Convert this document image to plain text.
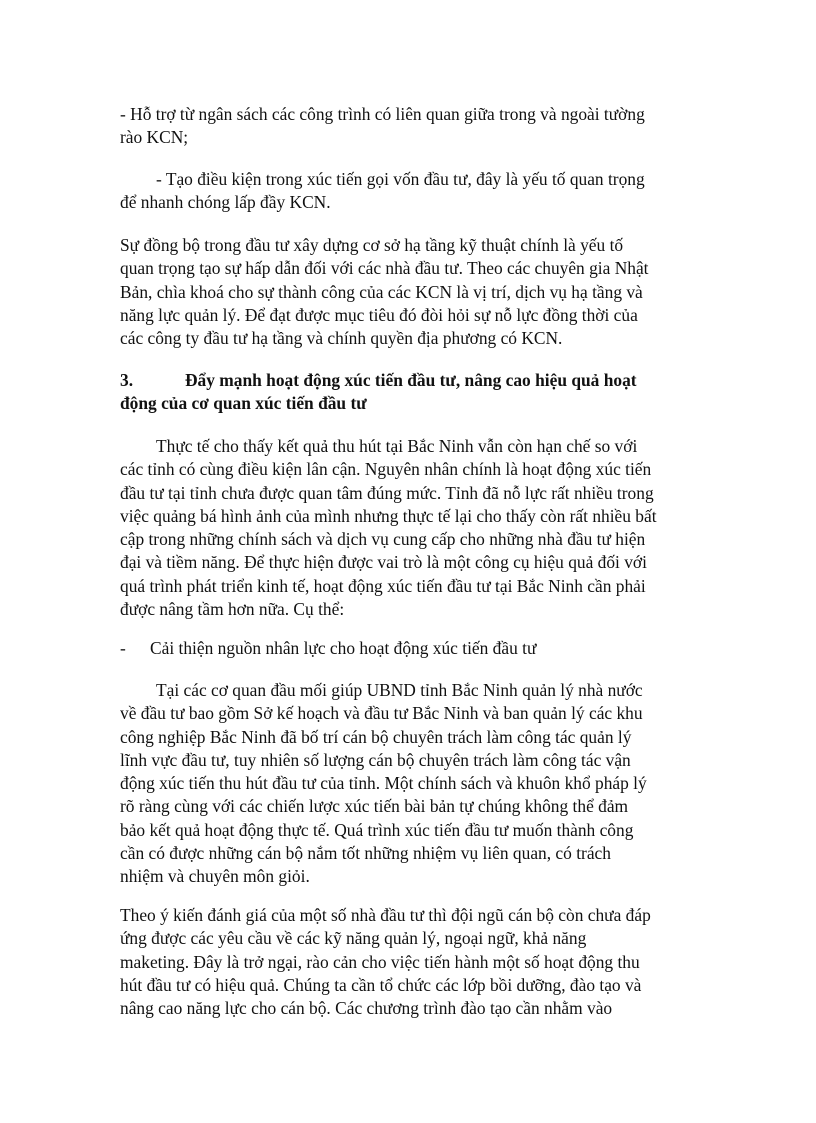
- Hỗ trợ từ ngân sách các công trình có liên quan giữa trong và ngoài tường
rào KCN;
- Tạo điều kiện trong xúc tiến gọi vốn đầu tư, đây là yếu tố quan trọng
để nhanh chóng lấp đầy KCN.
Sự đồng bộ trong đầu tư xây dựng cơ sở hạ tầng kỹ thuật chính là yếu tố
quan trọng tạo sự hấp dẫn đối với các nhà đầu tư. Theo các chuyên gia Nhật
Bản, chìa khoá cho sự thành công của các KCN là vị trí, dịch vụ hạ tầng và
năng lực quản lý. Để đạt được mục tiêu đó đòi hỏi sự nỗ lực đồng thời của
các công ty đầu tư hạ tầng và chính quyền địa phương có KCN.
3.	Đẩy mạnh hoạt động xúc tiến đầu tư, nâng cao hiệu quả hoạt
động của cơ quan xúc tiến đầu tư
Thực tế cho thấy kết quả thu hút tại Bắc Ninh vẫn còn hạn chế so với
các tỉnh có cùng điều kiện lân cận. Nguyên nhân chính là hoạt động xúc tiến
đầu tư tại tỉnh chưa được quan tâm đúng mức. Tỉnh đã nỗ lực rất nhiều trong
việc quảng bá hình ảnh của mình nhưng thực tế lại cho thấy còn rất nhiều bất
cập trong những chính sách và dịch vụ cung cấp cho những nhà đầu tư hiện
đại và tiềm năng. Để thực hiện được vai trò là một công cụ hiệu quả đối với
quá trình phát triển kinh tế, hoạt động xúc tiến đầu tư tại Bắc Ninh cần phải
được nâng tầm hơn nữa. Cụ thể:
- Cải thiện nguồn nhân lực cho hoạt động xúc tiến đầu tư
Tại các cơ quan đầu mối giúp UBND tỉnh Bắc Ninh quản lý nhà nước
về đầu tư bao gồm Sở kế hoạch và đầu tư Bắc Ninh và ban quản lý các khu
công nghiệp Bắc Ninh đã bố trí cán bộ chuyên trách làm công tác quản lý
lĩnh vực đầu tư, tuy nhiên số lượng cán bộ chuyên trách làm công tác vận
động xúc tiến thu hút đầu tư của tỉnh. Một chính sách và khuôn khổ pháp lý
rõ ràng cùng với các chiến lược xúc tiến bài bản tự chúng không thể đảm
bảo kết quả hoạt động thực tế. Quá trình xúc tiến đầu tư muốn thành công
cần có được những cán bộ nắm tốt những nhiệm vụ liên quan, có trách
nhiệm và chuyên môn giỏi.
Theo ý kiến đánh giá của một số nhà đầu tư thì đội ngũ cán bộ còn chưa đáp
ứng được các yêu cầu về các kỹ năng quản lý, ngoại ngữ, khả năng
maketing. Đây là trở ngại, rào cản cho việc tiến hành một số hoạt động thu
hút đầu tư có hiệu quả. Chúng ta cần tổ chức các lớp bồi dưỡng, đào tạo và
nâng cao năng lực cho cán bộ. Các chương trình đào tạo cần nhằm vào
